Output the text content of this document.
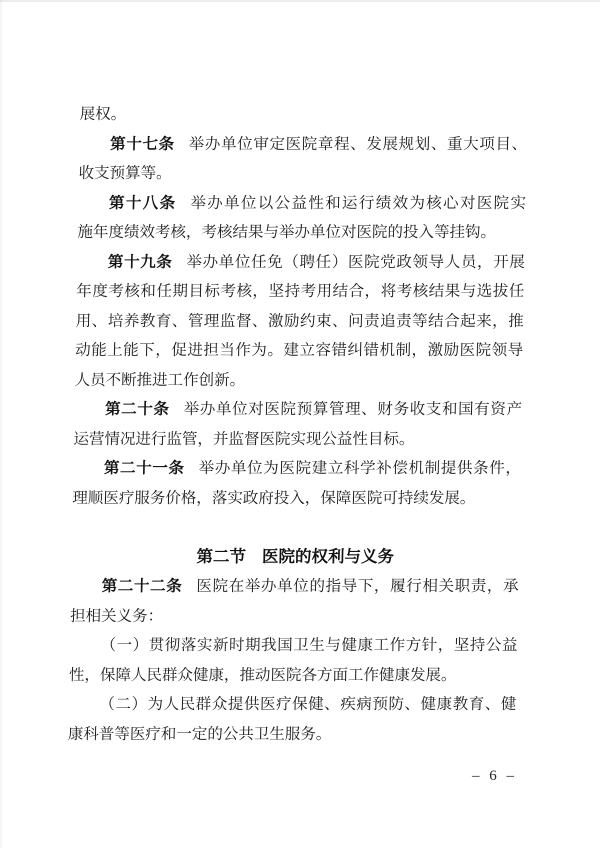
展权。

第十七条 举办单位审定医院章程、发展规划、重大项目、

收支预算等。

第十八条 举办单位以公益性和运行绩效为核心对医院实

施年度绩效考核，考核结果与举办单位对医院的投入等挂钩。

第十九条 举办单位任免（聘任）医院党政领导人员，开展

年度考核和任期目标考核，坚持考用结合，将考核结果与选拔任

用、培养教育、管理监督、激励约束、问责追责等结合起来，推

动能上能下，促进担当作为。建立容错纠错机制，激励医院领导

人员不断推进工作创新。

第二十条 举办单位对医院预算管理、财务收支和国有资产

运营情况进行监管，并监督医院实现公益性目标。

第二十一条 举办单位为医院建立科学补偿机制提供条件，

理顺医疗服务价格，落实政府投入，保障医院可持续发展。

第二节 医院的权利与义务

第二十二条 医院在举办单位的指导下，履行相关职责，承

担相关义务：

（一）贯彻落实新时期我国卫生与健康工作方针，坚持公益

性，保障人民群众健康，推动医院各方面工作健康发展。

（二）为人民群众提供医疗保健、疾病预防、健康教育、健

康科普等医疗和一定的公共卫生服务。

– 6 –
